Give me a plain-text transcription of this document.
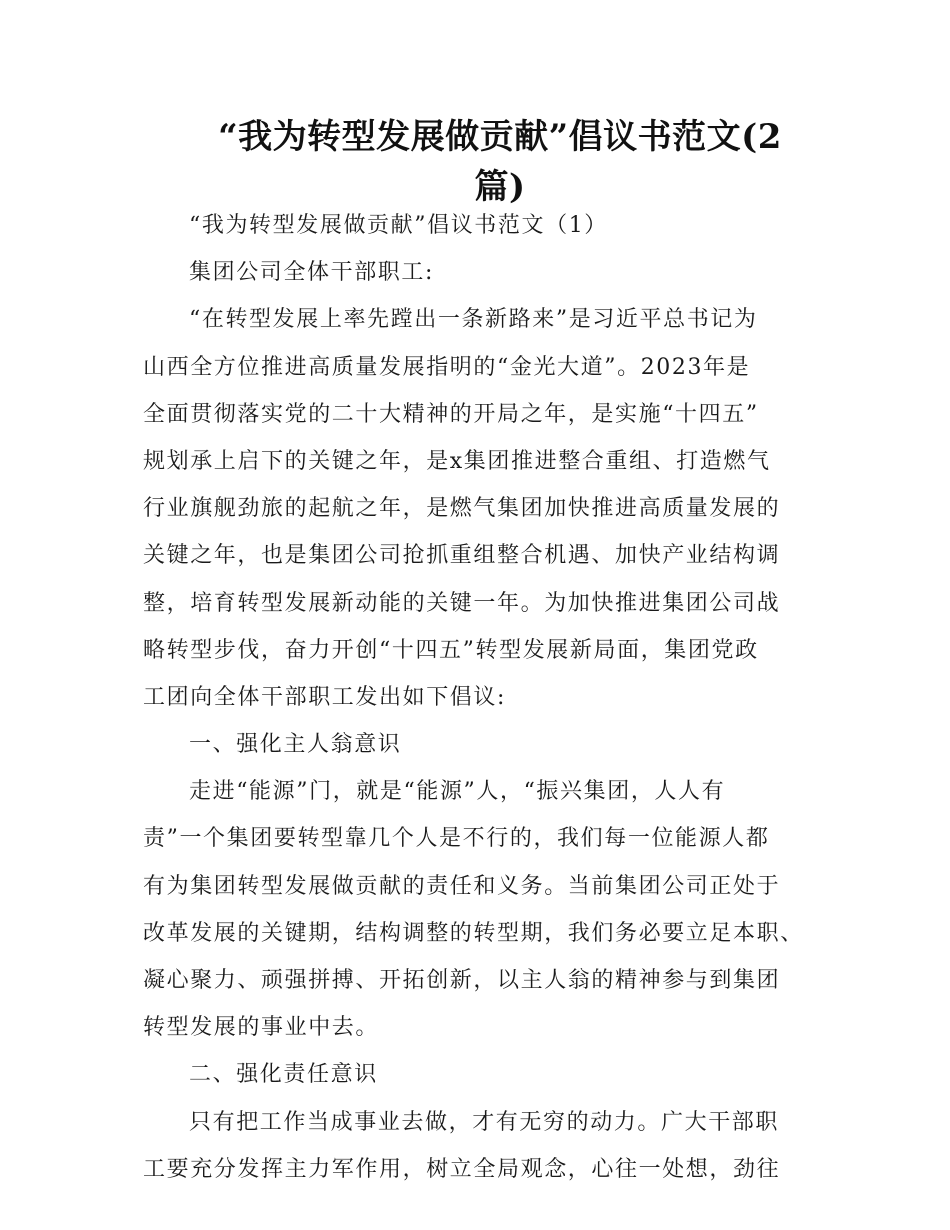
“我为转型发展做贡献”倡议书范文(2
篇)
“我为转型发展做贡献”倡议书范文（1）
集团公司全体干部职工:
“在转型发展上率先蹚出一条新路来”是习近平总书记为
山西全方位推进高质量发展指明的“金光大道”。2023年是
全面贯彻落实党的二十大精神的开局之年，是实施“十四五”
规划承上启下的关键之年，是x集团推进整合重组、打造燃气
行业旗舰劲旅的起航之年，是燃气集团加快推进高质量发展的
关键之年，也是集团公司抢抓重组整合机遇、加快产业结构调
整，培育转型发展新动能的关键一年。为加快推进集团公司战
略转型步伐，奋力开创“十四五”转型发展新局面，集团党政
工团向全体干部职工发出如下倡议:
一、强化主人翁意识
走进“能源”门，就是“能源”人，“振兴集团，人人有
责”一个集团要转型靠几个人是不行的，我们每一位能源人都
有为集团转型发展做贡献的责任和义务。当前集团公司正处于
改革发展的关键期，结构调整的转型期，我们务必要立足本职、
凝心聚力、顽强拼搏、开拓创新，以主人翁的精神参与到集团
转型发展的事业中去。
二、强化责任意识
只有把工作当成事业去做，才有无穷的动力。广大干部职
工要充分发挥主力军作用，树立全局观念，心往一处想，劲往
